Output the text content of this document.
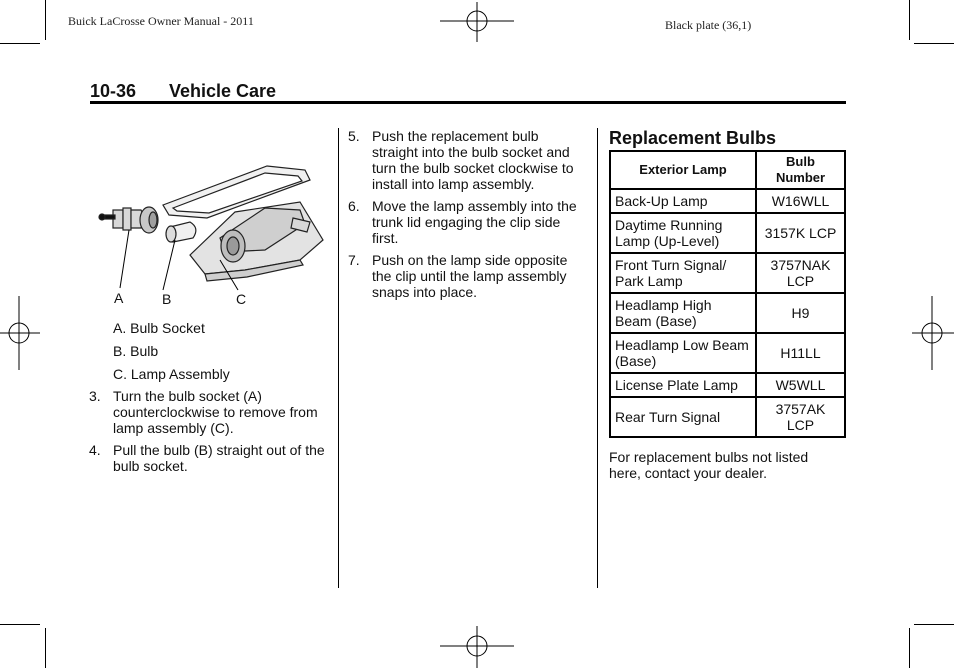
Buick LaCrosse Owner Manual - 2011	Black plate (36,1)
10-36 Vehicle Care
A	B	C
A. Bulb Socket
B. Bulb
C. Lamp Assembly
3. Turn the bulb socket (A) counterclockwise to remove from lamp assembly (C).
4. Pull the bulb (B) straight out of the bulb socket.
5. Push the replacement bulb straight into the bulb socket and turn the bulb socket clockwise to install into lamp assembly.
6. Move the lamp assembly into the trunk lid engaging the clip side first.
7. Push on the lamp side opposite the clip until the lamp assembly snaps into place.
Replacement Bulbs
Exterior Lamp	Bulb Number
Back-Up Lamp	W16WLL
Daytime Running Lamp (Up-Level)	3157K LCP
Front Turn Signal/ Park Lamp	3757NAK LCP
Headlamp High Beam (Base)	H9
Headlamp Low Beam (Base)	H11LL
License Plate Lamp	W5WLL
Rear Turn Signal	3757AK LCP
For replacement bulbs not listed here, contact your dealer.
